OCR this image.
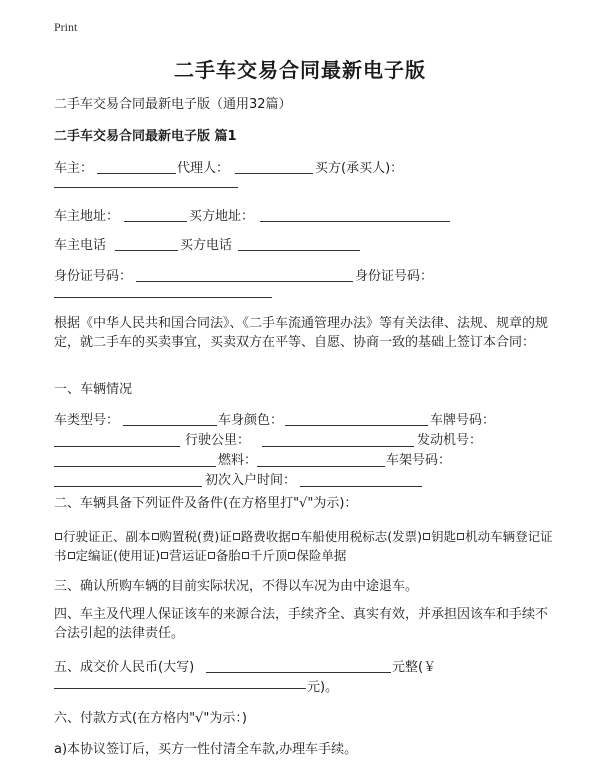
Print
二手车交易合同最新电子版
二手车交易合同最新电子版（通用32篇）
二手车交易合同最新电子版 篇1
车主：	代理人：	买方(承买人)：
车主地址：	买方地址：
车主电话	买方电话
身份证号码：	身份证号码：
根据《中华人民共和国合同法》、《二手车流通管理办法》等有关法律、法规、规章的规定，就二手车的买卖事宜，买卖双方在平等、自愿、协商一致的基础上签订本合同：
一、车辆情况
车类型号：	车身颜色：	车牌号码：
行驶公里：	发动机号：
燃料：	车架号码：
初次入户时间：
二、车辆具备下列证件及备件(在方格里打"√"为示)：
行驶证正、副本 购置税(费)证 路费收据 车船使用税标志(发票) 钥匙 机动车辆登记证书 定编证(使用证) 营运证 备胎 千斤顶 保险单据
三、确认所购车辆的目前实际状况，不得以车况为由中途退车。
四、车主及代理人保证该车的来源合法，手续齐全、真实有效，并承担因该车和手续不合法引起的法律责任。
五、成交价人民币(大写)	元整(￥
元)。
六、付款方式(在方格内"√"为示：)
a)本协议签订后，买方一性付清全车款,办理车手续。
